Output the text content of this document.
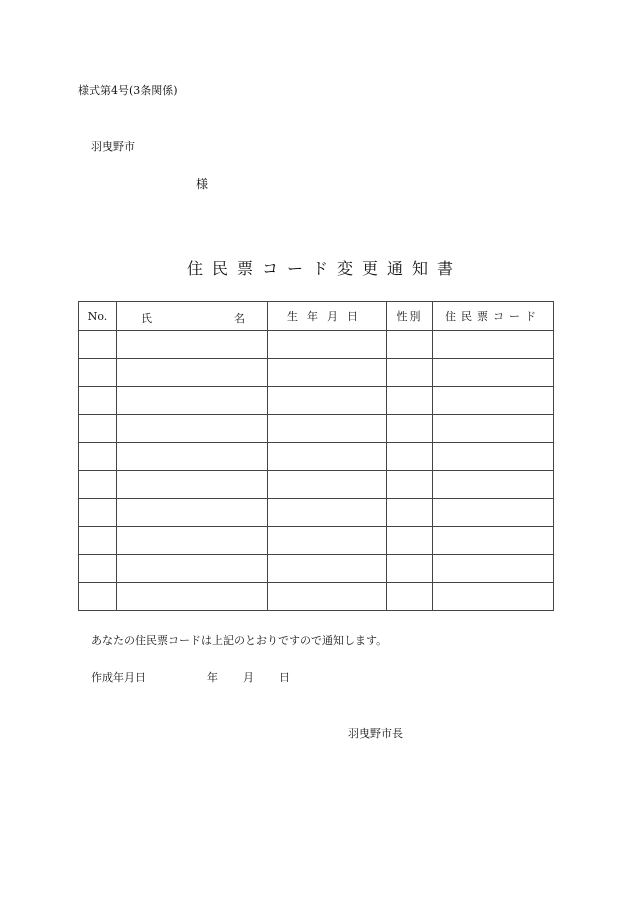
様式第4号(3条関係)
羽曳野市
様
住民票コード変更通知書
No.	氏 名	生年月日	性別	住民票コード

あなたの住民票コードは上記のとおりですので通知します。
作成年月日	年 月 日
羽曳野市長
